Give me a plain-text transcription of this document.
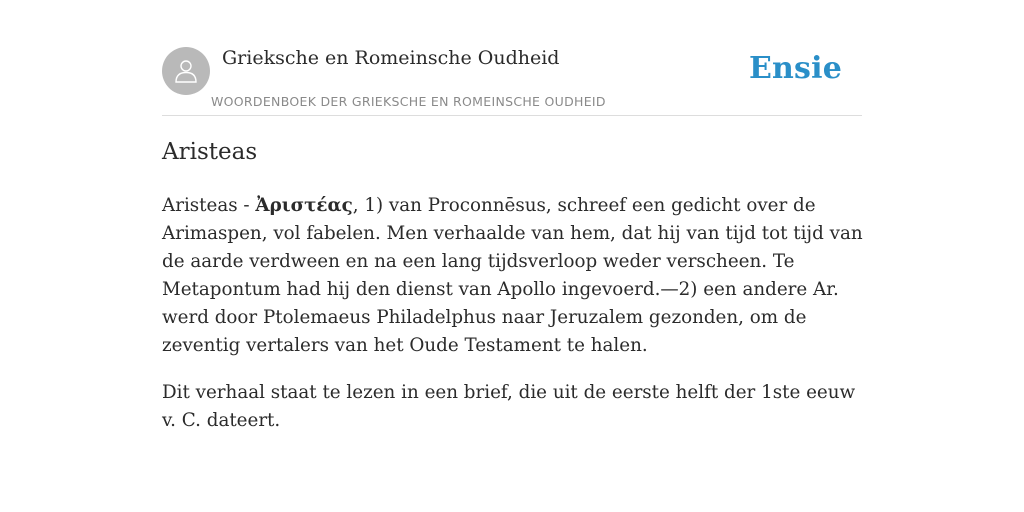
Grieksche en Romeinsche Oudheid
WOORDENBOEK DER GRIEKSCHE EN ROMEINSCHE OUDHEID
Ensie
Aristeas

Aristeas - Ἀριστέας, 1) van Proconnēsus, schreef een gedicht over de Arimaspen, vol fabelen. Men verhaalde van hem, dat hij van tijd tot tijd van de aarde verdween en na een lang tijdsverloop weder verscheen. Te Metapontum had hij den dienst van Apollo ingevoerd.—2) een andere Ar. werd door Ptolemaeus Philadelphus naar Jeruzalem gezonden, om de zeventig vertalers van het Oude Testament te halen.

Dit verhaal staat te lezen in een brief, die uit de eerste helft der 1ste eeuw v. C. dateert.
